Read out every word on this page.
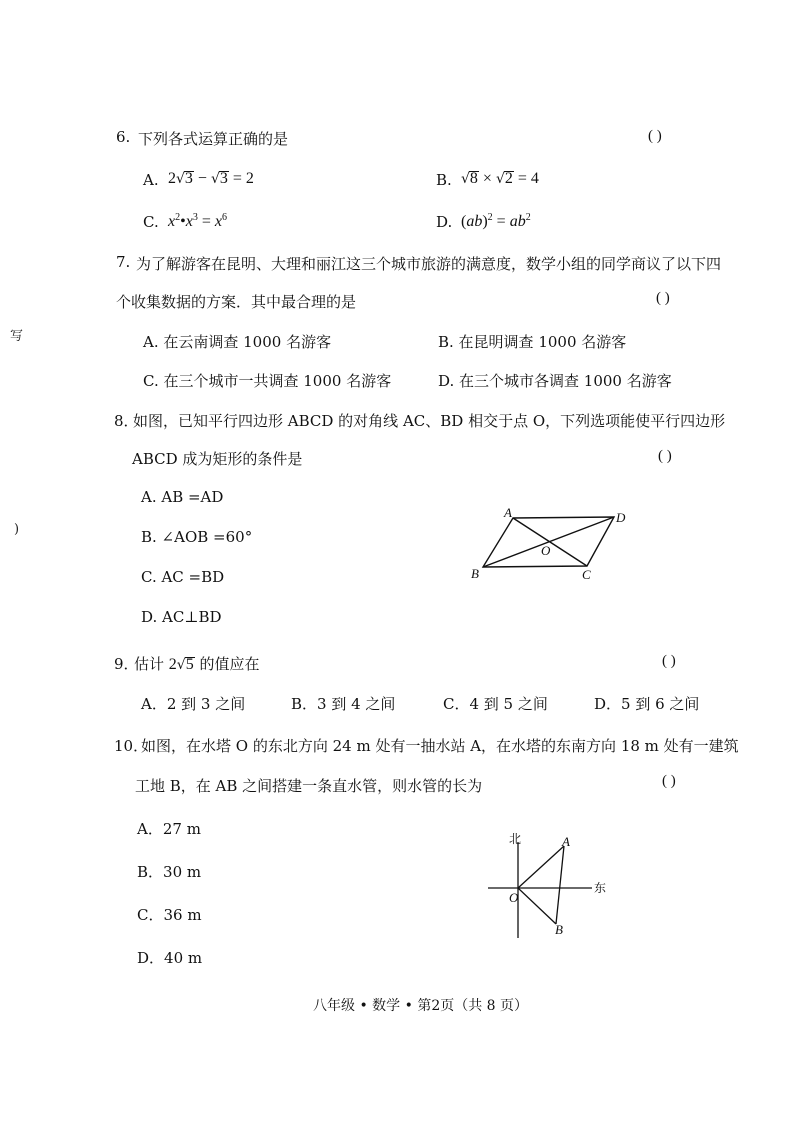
写
)
6. 下列各式运算正确的是	( )
A. 2√3 − √3 = 2	B. √8 × √2 = 4
C. $x^2•x^3 = x^6$	D. $(ab)^2 = ab^2$
7. 为了解游客在昆明、大理和丽江这三个城市旅游的满意度，数学小组的同学商议了以下四
个收集数据的方案．其中最合理的是	( )
A. 在云南调查 1000 名游客	B. 在昆明调查 1000 名游客
C. 在三个城市一共调查 1000 名游客	D. 在三个城市各调查 1000 名游客
8．
如图，已知平行四边形 ABCD 的对角线 AC、BD 相交于点 O，下列选项能使平行四边形
ABCD 成为矩形的条件是	( )
A. AB =AD
B. ∠AOB =60°
C. AC =BD
D. AC⊥BD
A	D
B	C
O
9．
估计 2√5 的值应在	( )
A．2 到 3 之间	B．3 到 4 之间	C．4 到 5 之间	D．5 到 6 之间
10．
如图，在水塔 O 的东北方向 24 m 处有一抽水站 A，在水塔的东南方向 18 m 处有一建筑
工地 B，在 AB 之间搭建一条直水管，则水管的长为	( )
A．27 m
B．30 m
C．36 m
D．40 m
北
东
A
B
O
八年级 • 数学 • 第2页（共 8 页）
